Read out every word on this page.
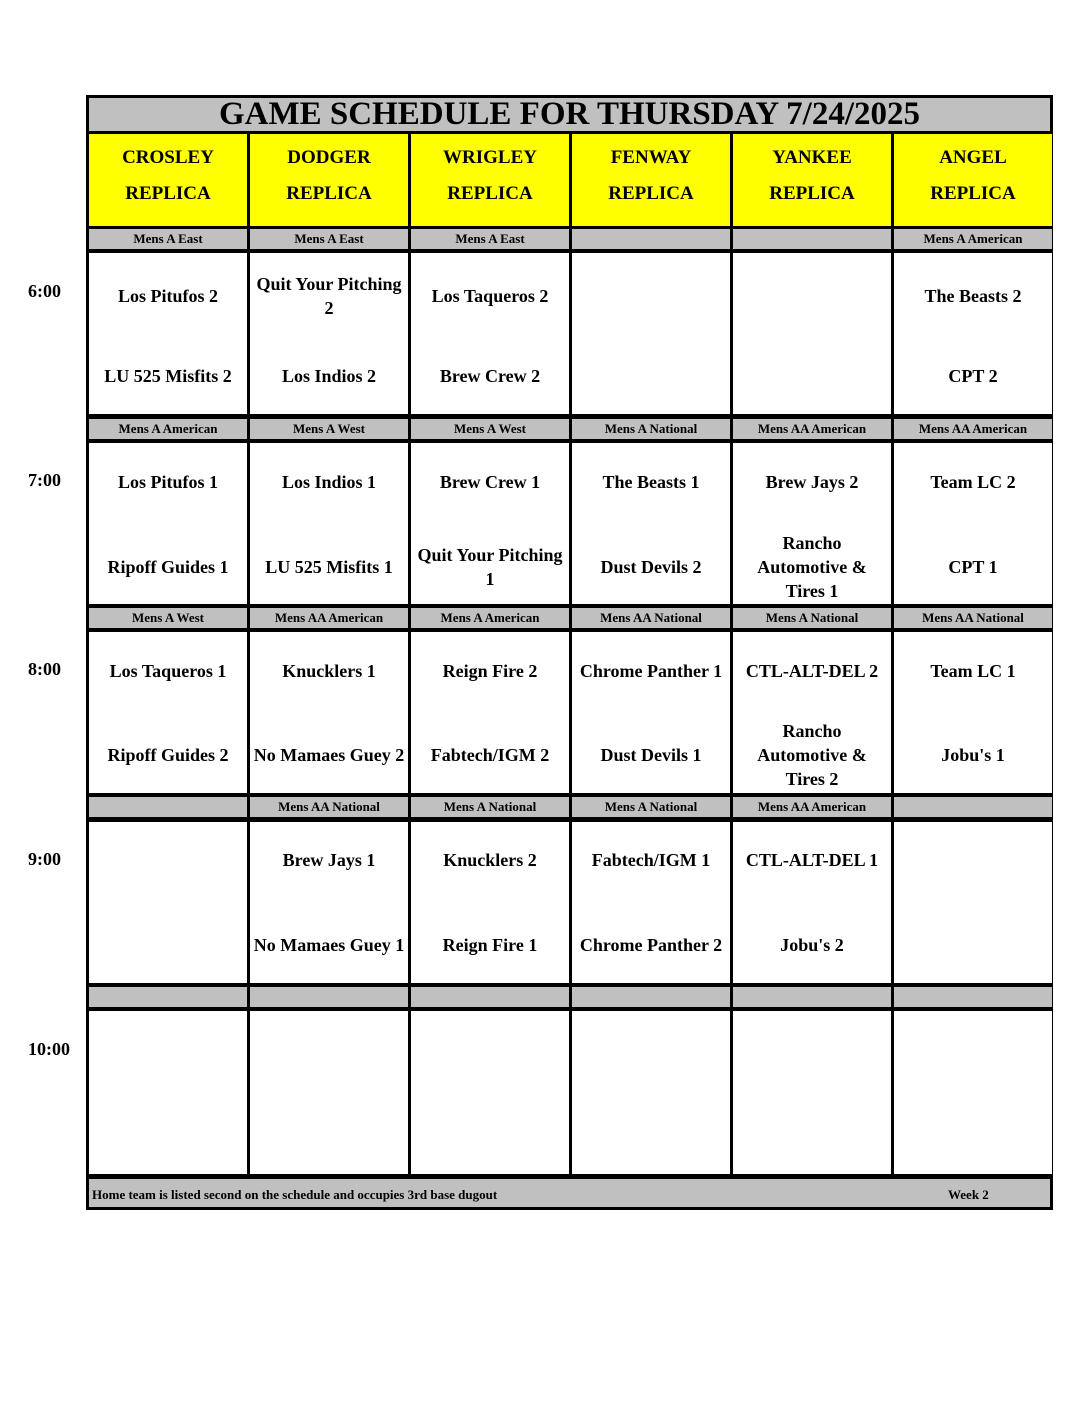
GAME SCHEDULE FOR THURSDAY 7/24/2025
CROSLEY
REPLICA
DODGER
REPLICA
WRIGLEY
REPLICA
FENWAY
REPLICA
YANKEE
REPLICA
ANGEL
REPLICA
Mens A East
Los Pitufos 2
LU 525 Misfits 2
Mens A East
Quit Your Pitching 2
Los Indios 2
Mens A East
Los Taqueros 2
Brew Crew 2
Mens A American
The Beasts 2
CPT 2
Mens A American
Los Pitufos 1
Ripoff Guides 1
Mens A West
Los Indios 1
LU 525 Misfits 1
Mens A West
Brew Crew 1
Quit Your Pitching 1
Mens A National
The Beasts 1
Dust Devils 2
Mens AA American
Brew Jays 2
Rancho Automotive & Tires 1
Mens AA American
Team LC 2
CPT 1
Mens A West
Los Taqueros 1
Ripoff Guides 2
Mens AA American
Knucklers 1
No Mamaes Guey 2
Mens A American
Reign Fire 2
Fabtech/IGM 2
Mens AA National
Chrome Panther 1
Dust Devils 1
Mens A National
CTL-ALT-DEL 2
Rancho Automotive & Tires 2
Mens AA National
Team LC 1
Jobu's 1
Mens AA National
Brew Jays 1
No Mamaes Guey 1
Mens A National
Knucklers 2
Reign Fire 1
Mens A National
Fabtech/IGM 1
Chrome Panther 2
Mens AA American
CTL-ALT-DEL 1
Jobu's 2
Home team is listed second on the schedule and occupies 3rd base dugout	Week 2
6:00
7:00
8:00
9:00
10:00
